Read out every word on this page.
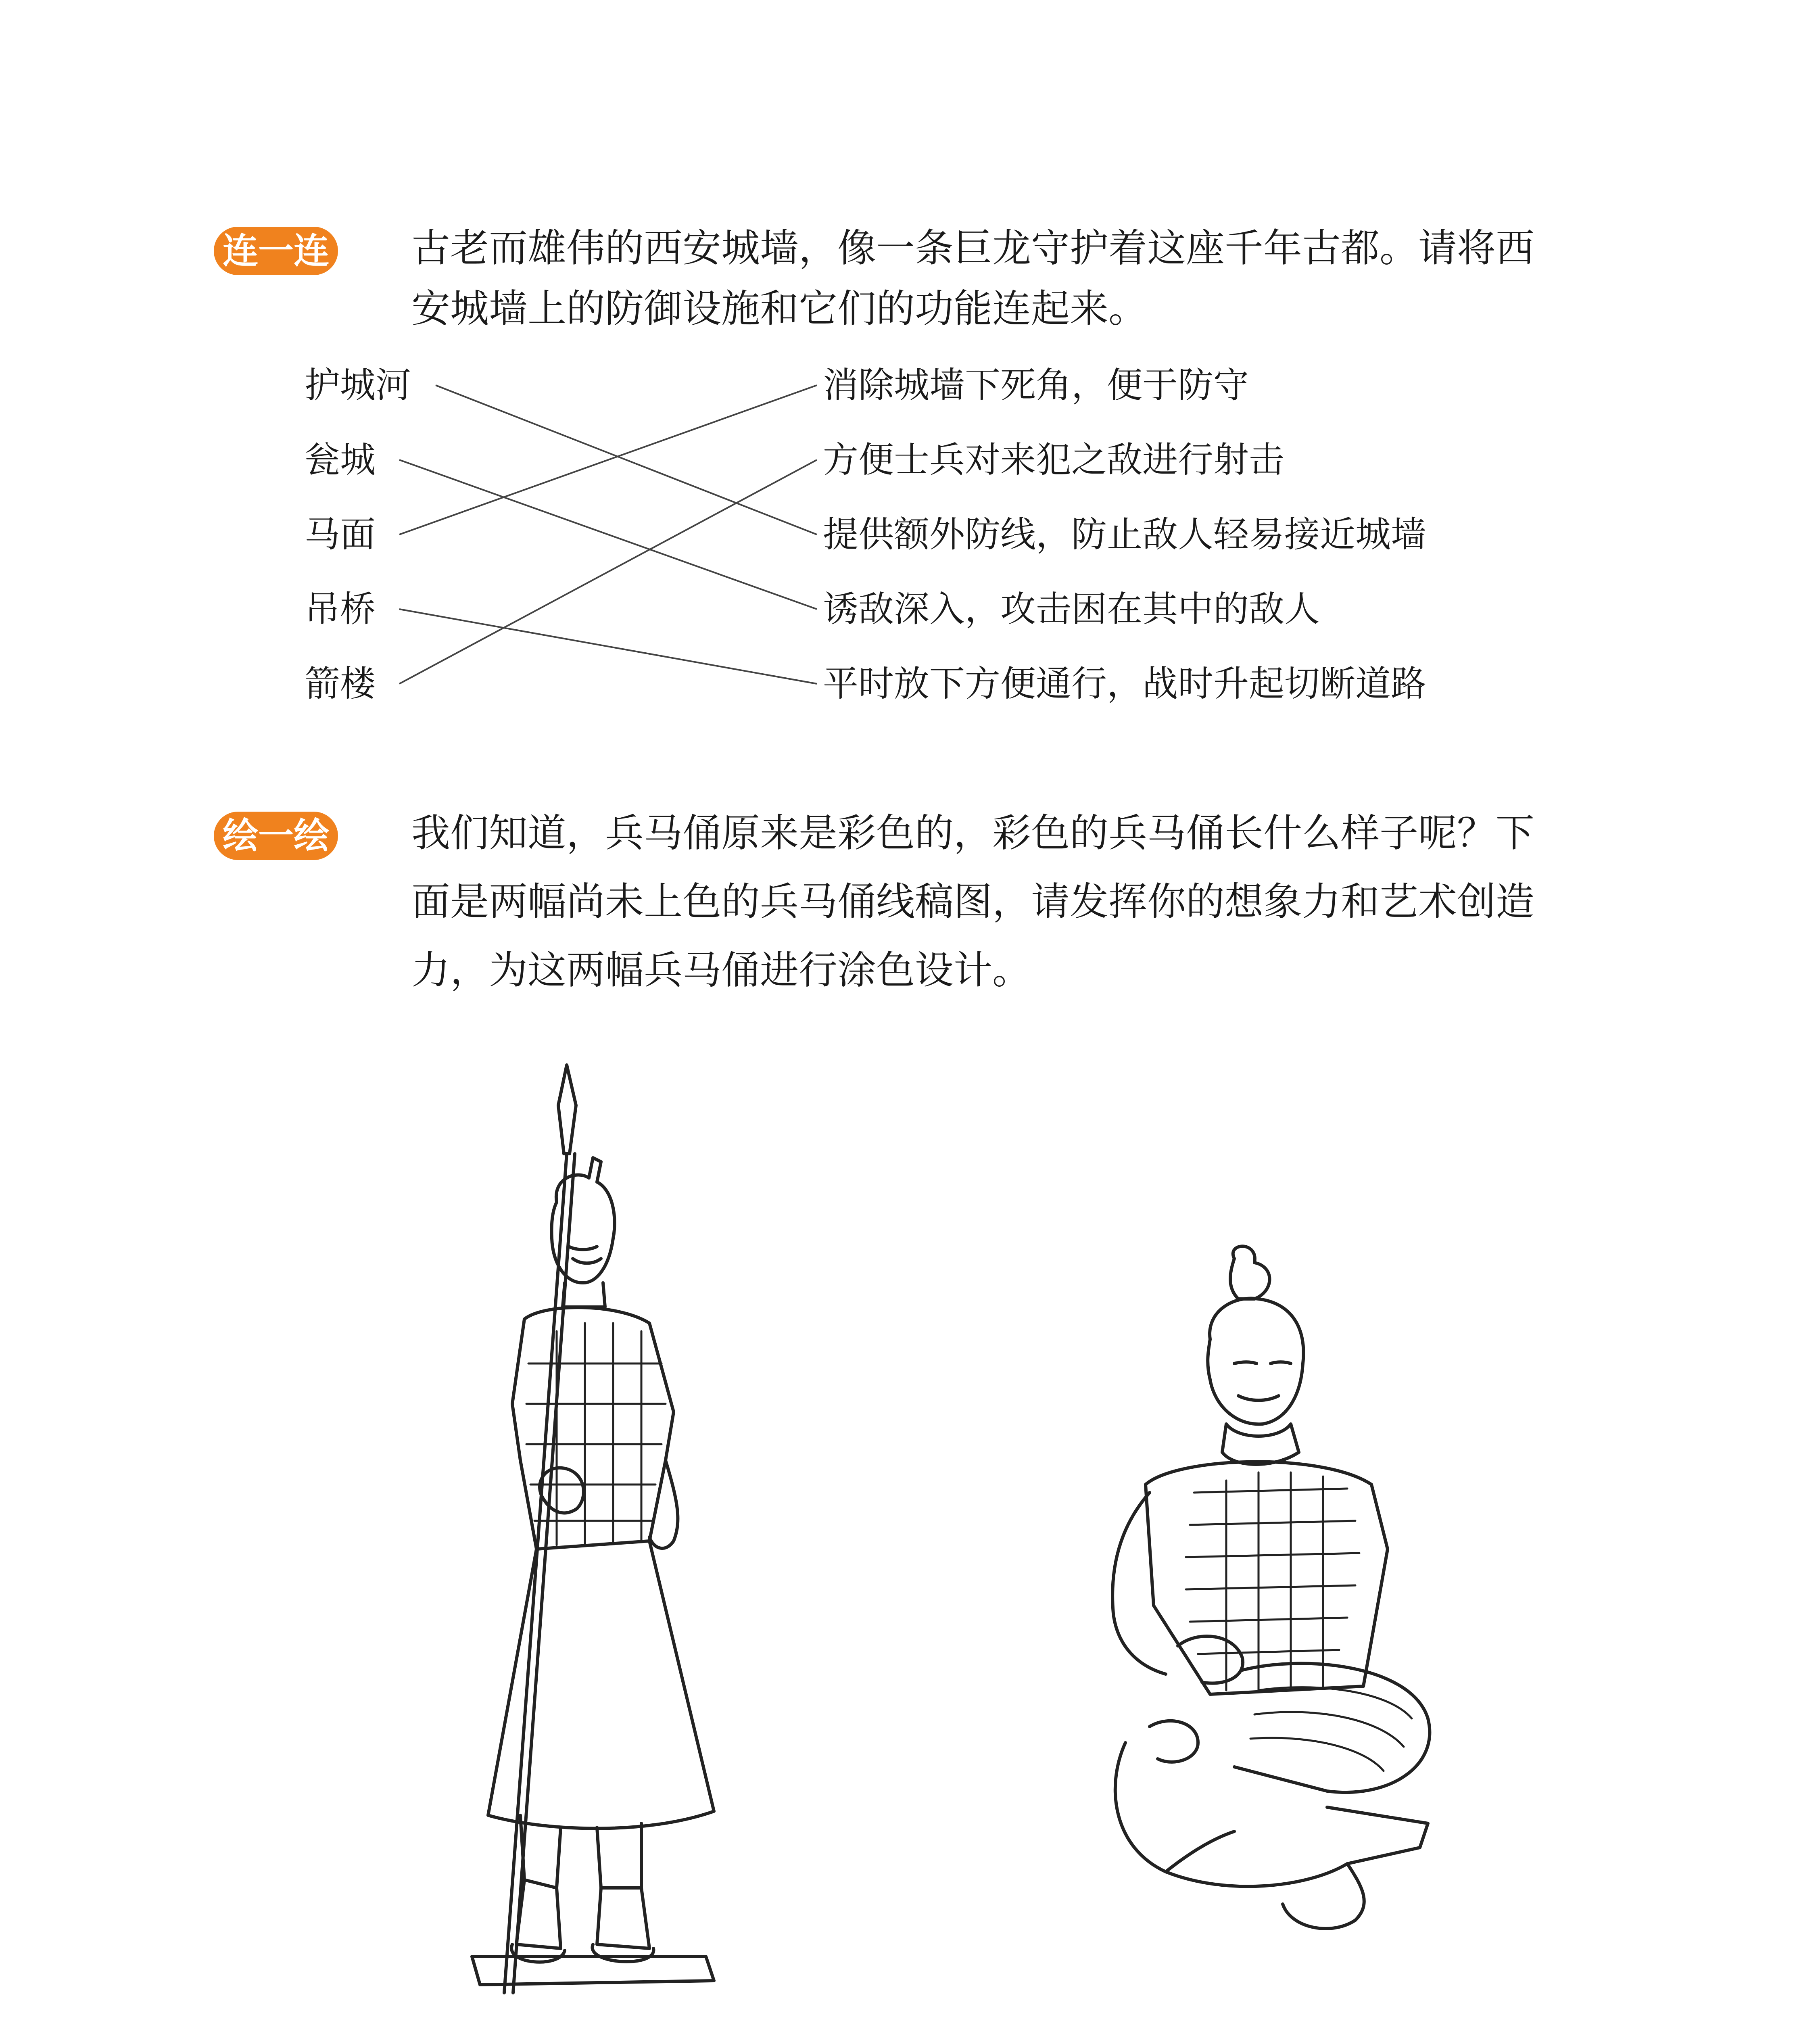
连一连 古老而雄伟的西安城墙，像一条巨龙守护着这座千年古都。请将西
安城墙上的防御设施和它们的功能连起来。
护城河
瓮城
马面
吊桥
箭楼
消除城墙下死角，便于防守
方便士兵对来犯之敌进行射击
提供额外防线，防止敌人轻易接近城墙
诱敌深入，攻击困在其中的敌人
平时放下方便通行，战时升起切断道路
绘一绘 我们知道，兵马俑原来是彩色的，彩色的兵马俑长什么样子呢？下
面是两幅尚未上色的兵马俑线稿图，请发挥你的想象力和艺术创造
力，为这两幅兵马俑进行涂色设计。
